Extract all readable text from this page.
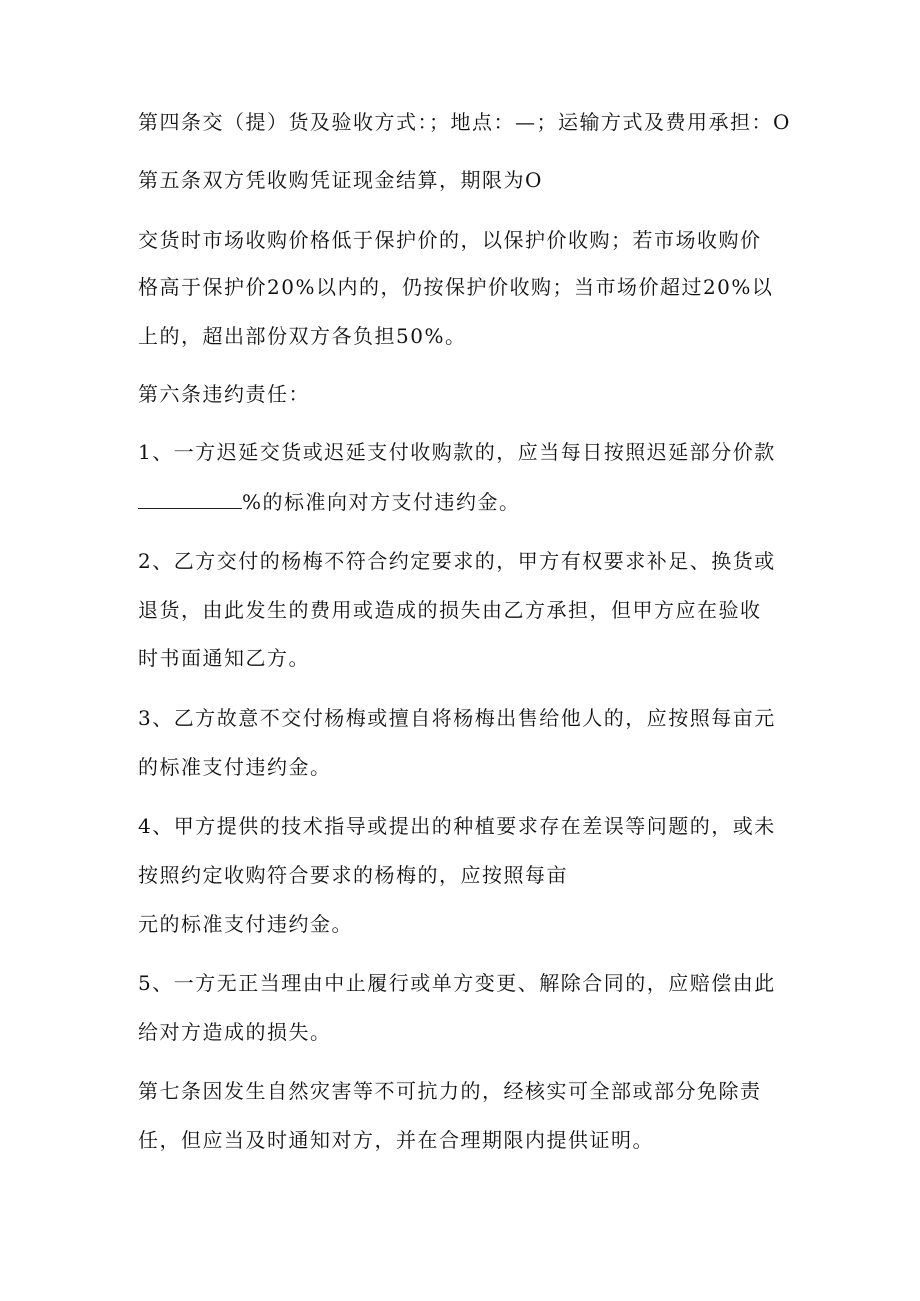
第四条交（提）货及验收方式：；地点：—；运输方式及费用承担：O
第五条双方凭收购凭证现金结算，期限为O
交货时市场收购价格低于保护价的，以保护价收购；若市场收购价
格高于保护价20%以内的，仍按保护价收购；当市场价超过20%以
上的，超出部份双方各负担50%。
第六条违约责任：
1、一方迟延交货或迟延支付收购款的，应当每日按照迟延部分价款
%的标准向对方支付违约金。
2、乙方交付的杨梅不符合约定要求的，甲方有权要求补足、换货或
退货，由此发生的费用或造成的损失由乙方承担，但甲方应在验收
时书面通知乙方。
3、乙方故意不交付杨梅或擅自将杨梅出售给他人的，应按照每亩元
的标准支付违约金。
4、甲方提供的技术指导或提出的种植要求存在差误等问题的，或未
按照约定收购符合要求的杨梅的，应按照每亩
元的标准支付违约金。
5、一方无正当理由中止履行或单方变更、解除合同的，应赔偿由此
给对方造成的损失。
第七条因发生自然灾害等不可抗力的，经核实可全部或部分免除责
任，但应当及时通知对方，并在合理期限内提供证明。
